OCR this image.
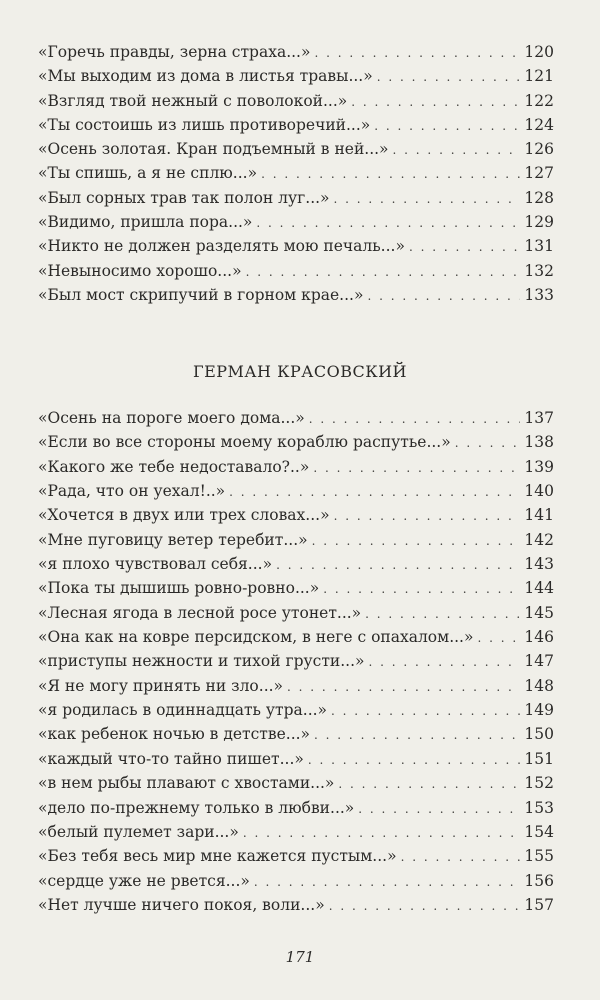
«Горечь правды, зерна страха...» . . .	120
«Мы выходим из дома в листья травы...» . . .	121
«Взгляд твой нежный с поволокой...» . . .	122
«Ты состоишь из лишь противоречий...» . . .	124
«Осень золотая. Кран подъемный в ней...» . . .	126
«Ты спишь, а я не сплю...» . . .	127
«Был сорных трав так полон луг...» . . .	128
«Видимо, пришла пора...» . . .	129
«Никто не должен разделять мою печаль...» . . .	131
«Невыносимо хорошо...» . . .	132
«Был мост скрипучий в горном крае...» . . .	133
ГЕРМАН КРАСОВСКИЙ
«Осень на пороге моего дома...» . . .	137
«Если во все стороны моему кораблю распутье...» . . .	138
«Какого же тебе недоставало?..» . . .	139
«Рада, что он уехал!..» . . .	140
«Хочется в двух или трех словах...» . . .	141
«Мне пуговицу ветер теребит...» . . .	142
«я плохо чувствовал себя...» . . .	143
«Пока ты дышишь ровно-ровно...» . . .	144
«Лесная ягода в лесной росе утонет...» . . .	145
«Она как на ковре персидском, в неге с опахалом...» . . .	146
«приступы нежности и тихой грусти...» . . .	147
«Я не могу принять ни зло...» . . .	148
«я родилась в одиннадцать утра...» . . .	149
«как ребенок ночью в детстве...» . . .	150
«каждый что-то тайно пишет...» . . .	151
«в нем рыбы плавают с хвостами...» . . .	152
«дело по-прежнему только в любви...» . . .	153
«белый пулемет зари...» . . .	154
«Без тебя весь мир мне кажется пустым...» . . .	155
«сердце уже не рвется...» . . .	156
«Нет лучше ничего покоя, воли...» . . .	157
171
